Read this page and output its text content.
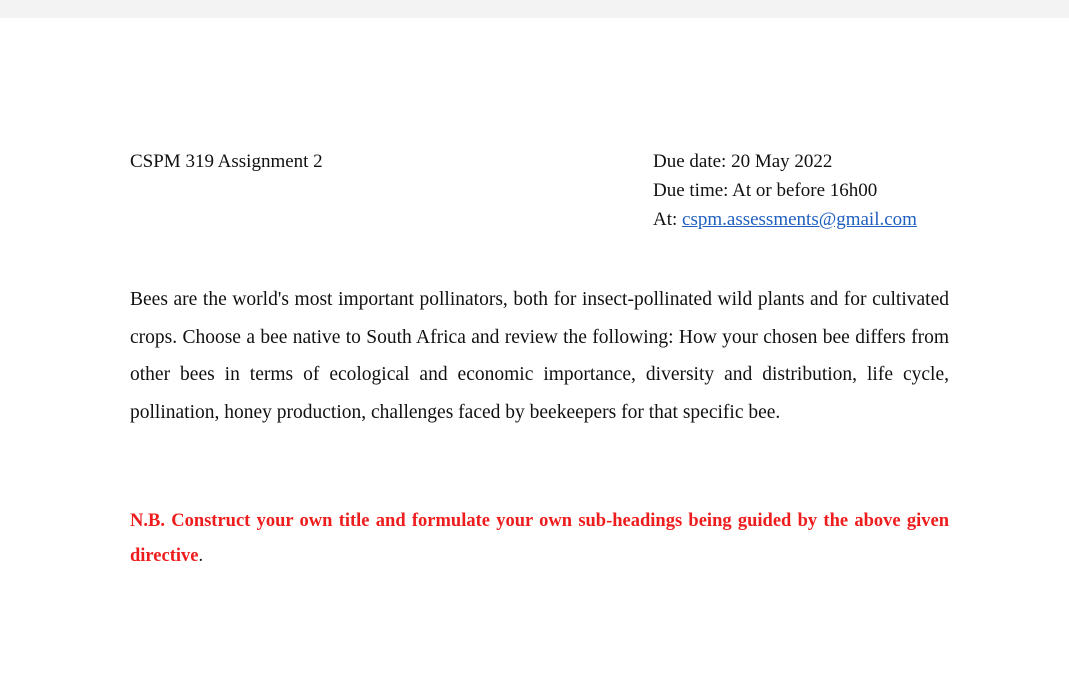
CSPM 319 Assignment 2	Due date: 20 May 2022
Due time: At or before 16h00
At: cspm.assessments@gmail.com

Bees are the world's most important pollinators, both for insect-pollinated wild plants and for cultivated crops. Choose a bee native to South Africa and review the following: How your chosen bee differs from other bees in terms of ecological and economic importance, diversity and distribution, life cycle, pollination, honey production, challenges faced by beekeepers for that specific bee.

N.B. Construct your own title and formulate your own sub-headings being guided by the above given directive.
